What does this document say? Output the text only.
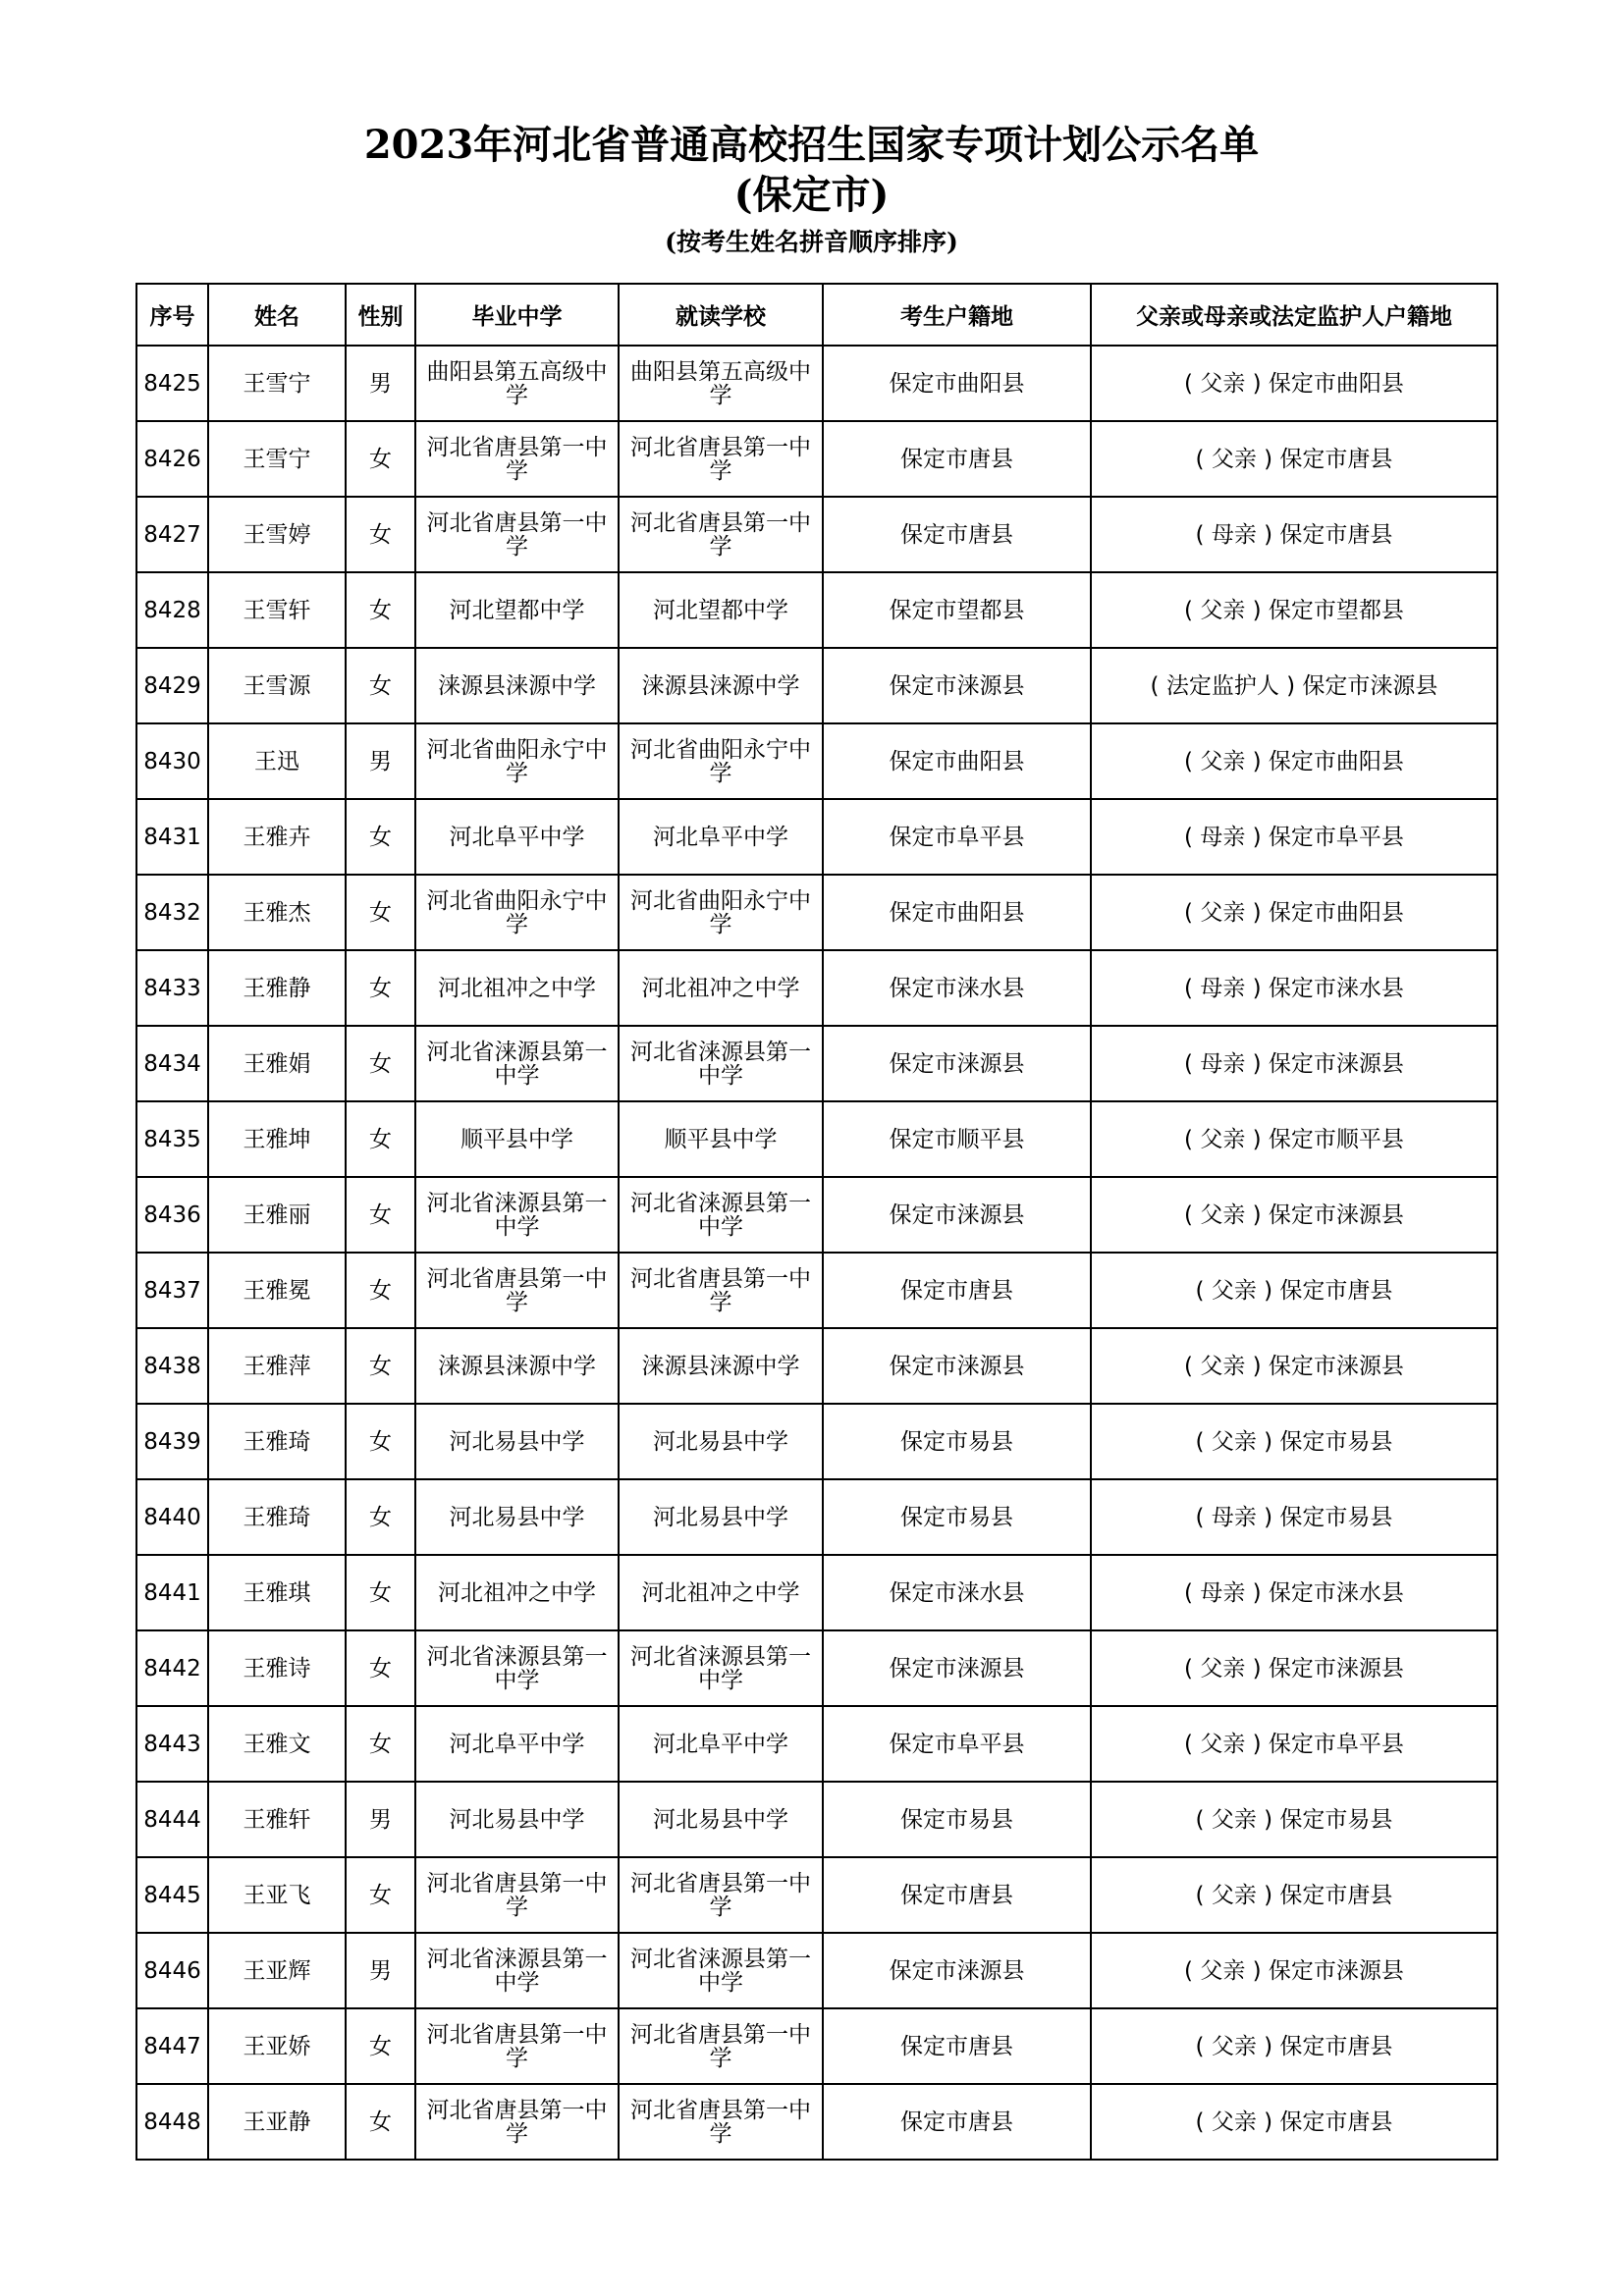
2023年河北省普通高校招生国家专项计划公示名单
(保定市)
(按考生姓名拼音顺序排序)
序号	姓名	性别	毕业中学	就读学校	考生户籍地	父亲或母亲或法定监护人户籍地
8425	王雪宁	男	曲阳县第五高级中学	曲阳县第五高级中学	保定市曲阳县	( 父亲 ) 保定市曲阳县
8426	王雪宁	女	河北省唐县第一中学	河北省唐县第一中学	保定市唐县	( 父亲 ) 保定市唐县
8427	王雪婷	女	河北省唐县第一中学	河北省唐县第一中学	保定市唐县	( 母亲 ) 保定市唐县
8428	王雪轩	女	河北望都中学	河北望都中学	保定市望都县	( 父亲 ) 保定市望都县
8429	王雪源	女	涞源县涞源中学	涞源县涞源中学	保定市涞源县	( 法定监护人 ) 保定市涞源县
8430	王迅	男	河北省曲阳永宁中学	河北省曲阳永宁中学	保定市曲阳县	( 父亲 ) 保定市曲阳县
8431	王雅卉	女	河北阜平中学	河北阜平中学	保定市阜平县	( 母亲 ) 保定市阜平县
8432	王雅杰	女	河北省曲阳永宁中学	河北省曲阳永宁中学	保定市曲阳县	( 父亲 ) 保定市曲阳县
8433	王雅静	女	河北祖冲之中学	河北祖冲之中学	保定市涞水县	( 母亲 ) 保定市涞水县
8434	王雅娟	女	河北省涞源县第一中学	河北省涞源县第一中学	保定市涞源县	( 母亲 ) 保定市涞源县
8435	王雅坤	女	顺平县中学	顺平县中学	保定市顺平县	( 父亲 ) 保定市顺平县
8436	王雅丽	女	河北省涞源县第一中学	河北省涞源县第一中学	保定市涞源县	( 父亲 ) 保定市涞源县
8437	王雅冕	女	河北省唐县第一中学	河北省唐县第一中学	保定市唐县	( 父亲 ) 保定市唐县
8438	王雅萍	女	涞源县涞源中学	涞源县涞源中学	保定市涞源县	( 父亲 ) 保定市涞源县
8439	王雅琦	女	河北易县中学	河北易县中学	保定市易县	( 父亲 ) 保定市易县
8440	王雅琦	女	河北易县中学	河北易县中学	保定市易县	( 母亲 ) 保定市易县
8441	王雅琪	女	河北祖冲之中学	河北祖冲之中学	保定市涞水县	( 母亲 ) 保定市涞水县
8442	王雅诗	女	河北省涞源县第一中学	河北省涞源县第一中学	保定市涞源县	( 父亲 ) 保定市涞源县
8443	王雅文	女	河北阜平中学	河北阜平中学	保定市阜平县	( 父亲 ) 保定市阜平县
8444	王雅轩	男	河北易县中学	河北易县中学	保定市易县	( 父亲 ) 保定市易县
8445	王亚飞	女	河北省唐县第一中学	河北省唐县第一中学	保定市唐县	( 父亲 ) 保定市唐县
8446	王亚辉	男	河北省涞源县第一中学	河北省涞源县第一中学	保定市涞源县	( 父亲 ) 保定市涞源县
8447	王亚娇	女	河北省唐县第一中学	河北省唐县第一中学	保定市唐县	( 父亲 ) 保定市唐县
8448	王亚静	女	河北省唐县第一中学	河北省唐县第一中学	保定市唐县	( 父亲 ) 保定市唐县
